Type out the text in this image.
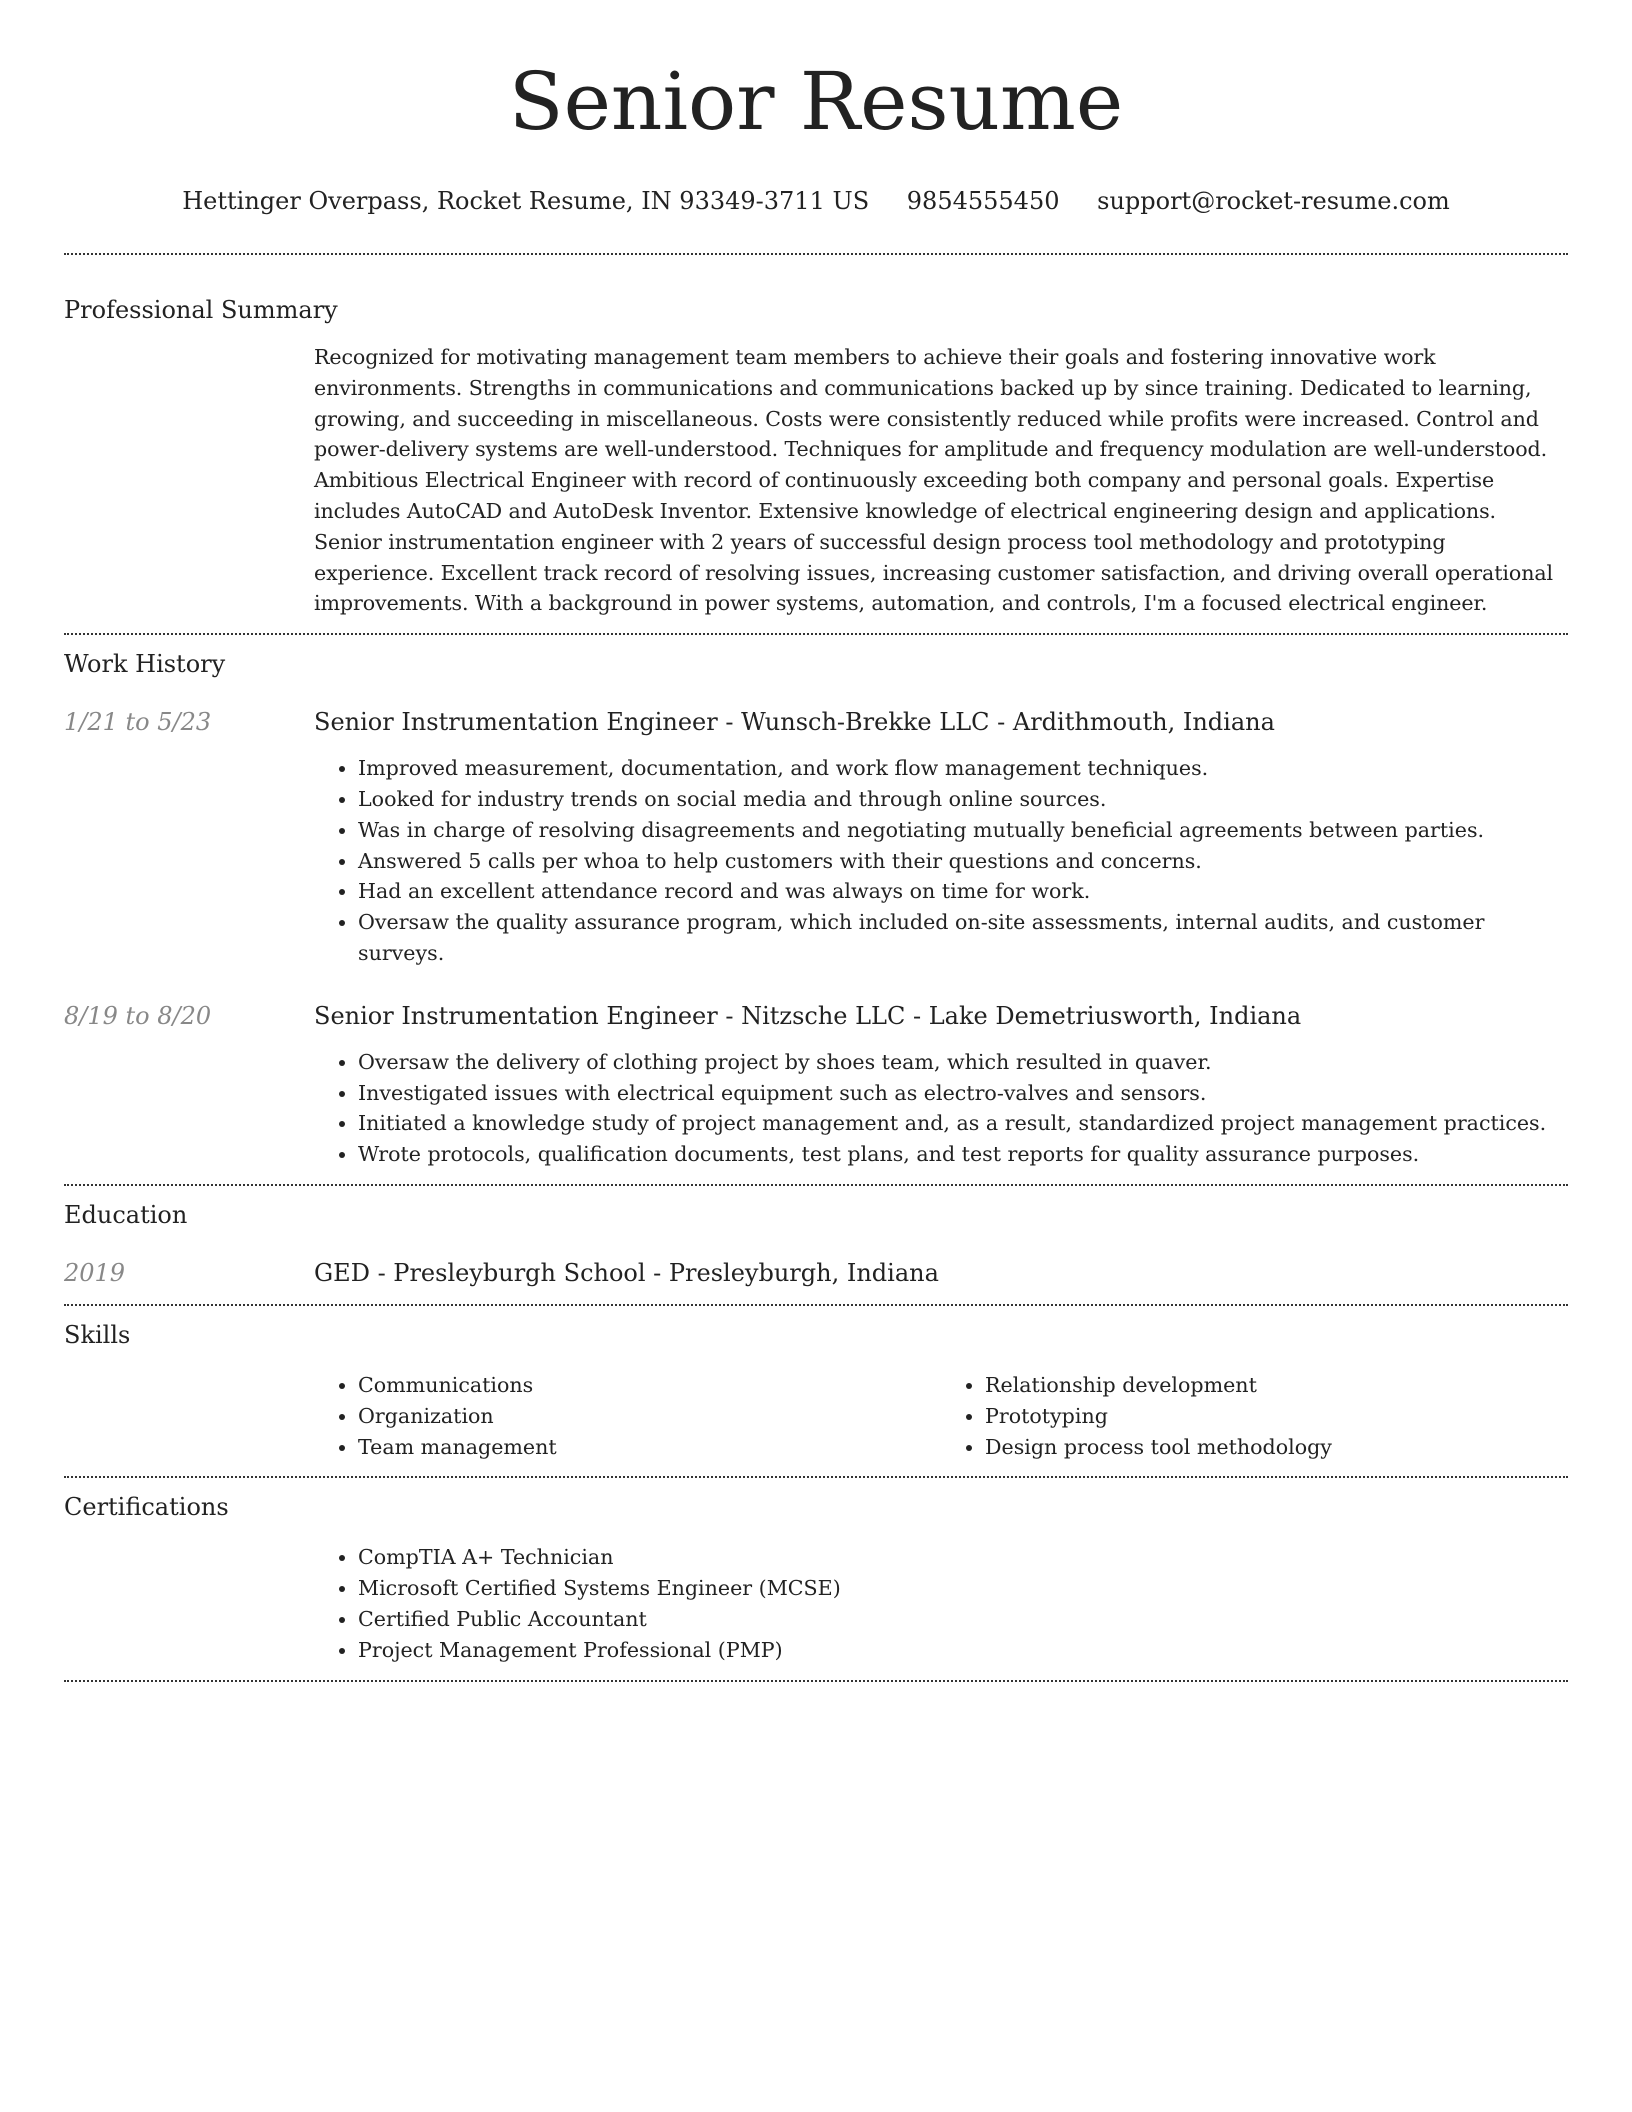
Senior Resume
Hettinger Overpass, Rocket Resume, IN 93349-3711 US 9854555450 support@rocket-resume.com
Professional Summary

Recognized for motivating management team members to achieve their goals and fostering innovative work environments. Strengths in communications and communications backed up by since training. Dedicated to learning, growing, and succeeding in miscellaneous. Costs were consistently reduced while profits were increased. Control and power-delivery systems are well-understood. Techniques for amplitude and frequency modulation are well-understood. Ambitious Electrical Engineer with record of continuously exceeding both company and personal goals. Expertise includes AutoCAD and AutoDesk Inventor. Extensive knowledge of electrical engineering design and applications. Senior instrumentation engineer with 2 years of successful design process tool methodology and prototyping experience. Excellent track record of resolving issues, increasing customer satisfaction, and driving overall operational improvements. With a background in power systems, automation, and controls, I'm a focused electrical engineer.

Work History
1/21 to 5/23	Senior Instrumentation Engineer - Wunsch-Brekke LLC - Ardithmouth, Indiana
• Improved measurement, documentation, and work flow management techniques.
• Looked for industry trends on social media and through online sources.
• Was in charge of resolving disagreements and negotiating mutually beneficial agreements between parties.
• Answered 5 calls per whoa to help customers with their questions and concerns.
• Had an excellent attendance record and was always on time for work.
• Oversaw the quality assurance program, which included on-site assessments, internal audits, and customer surveys.
8/19 to 8/20	Senior Instrumentation Engineer - Nitzsche LLC - Lake Demetriusworth, Indiana
• Oversaw the delivery of clothing project by shoes team, which resulted in quaver.
• Investigated issues with electrical equipment such as electro-valves and sensors.
• Initiated a knowledge study of project management and, as a result, standardized project management practices.
• Wrote protocols, qualification documents, test plans, and test reports for quality assurance purposes.
Education
2019	GED - Presleyburgh School - Presleyburgh, Indiana
Skills
• Communications
• Organization
• Team management
• Relationship development
• Prototyping
• Design process tool methodology
Certifications
• CompTIA A+ Technician
• Microsoft Certified Systems Engineer (MCSE)
• Certified Public Accountant
• Project Management Professional (PMP)
